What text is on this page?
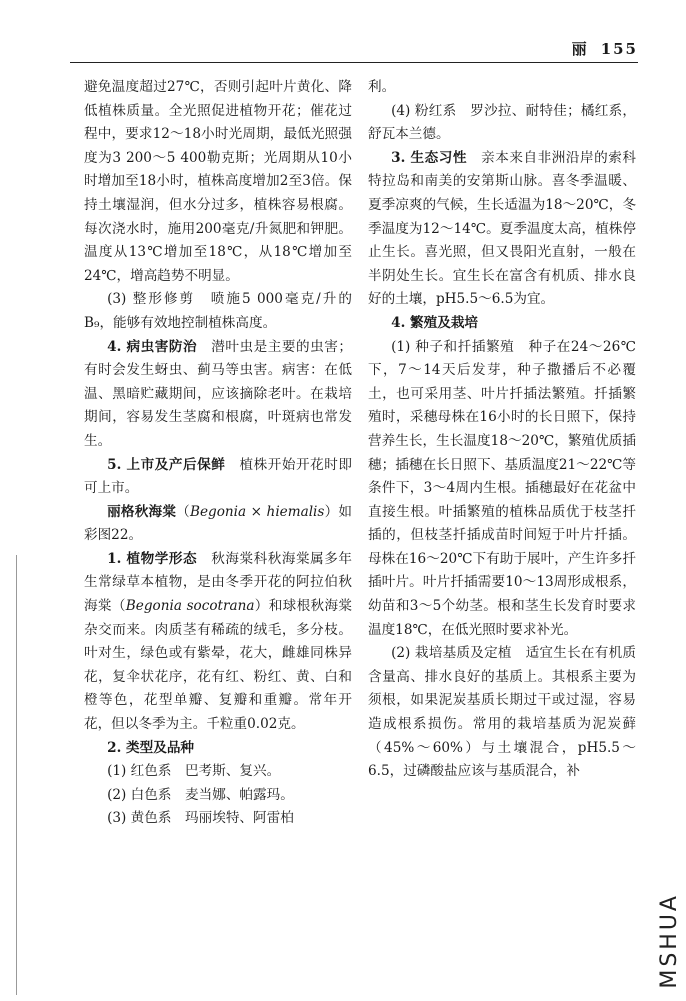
丽 155

避免温度超过27℃，否则引起叶片黄化、降低植株质量。全光照促进植物开花；催花过程中，要求12～18小时光周期，最低光照强度为3 200～5 400勒克斯；光周期从10小时增加至18小时，植株高度增加2至3倍。保持土壤湿润，但水分过多，植株容易根腐。每次浇水时，施用200毫克/升氮肥和钾肥。温度从13℃增加至18℃，从18℃增加至24℃，增高趋势不明显。

(3) 整形修剪　喷施5 000毫克/升的B₉，能够有效地控制植株高度。

4. 病虫害防治　潜叶虫是主要的虫害；有时会发生蚜虫、蓟马等虫害。病害：在低温、黑暗贮藏期间，应该摘除老叶。在栽培期间，容易发生茎腐和根腐，叶斑病也常发生。

5. 上市及产后保鲜　植株开始开花时即可上市。

丽格秋海棠（Begonia × hiemalis）如彩图22。

1. 植物学形态　秋海棠科秋海棠属多年生常绿草本植物，是由冬季开花的阿拉伯秋海棠（Begonia socotrana）和球根秋海棠杂交而来。肉质茎有稀疏的绒毛，多分枝。叶对生，绿色或有紫晕，花大，雌雄同株异花，复伞状花序，花有红、粉红、黄、白和橙等色，花型单瓣、复瓣和重瓣。常年开花，但以冬季为主。千粒重0.02克。

2. 类型及品种

(1) 红色系　巴考斯、复兴。

(2) 白色系　麦当娜、帕露玛。

(3) 黄色系　玛丽埃特、阿雷柏

利。

(4) 粉红系　罗沙拉、耐特佳；橘红系，舒瓦本兰德。

3. 生态习性　亲本来自非洲沿岸的索科特拉岛和南美的安第斯山脉。喜冬季温暖、夏季凉爽的气候，生长适温为18～20℃，冬季温度为12～14℃。夏季温度太高，植株停止生长。喜光照，但又畏阳光直射，一般在半阴处生长。宜生长在富含有机质、排水良好的土壤，pH5.5～6.5为宜。

4. 繁殖及栽培

(1) 种子和扦插繁殖　种子在24～26℃下，7～14天后发芽，种子撒播后不必覆土，也可采用茎、叶片扦插法繁殖。扦插繁殖时，采穗母株在16小时的长日照下，保持营养生长，生长温度18～20℃，繁殖优质插穗；插穗在长日照下、基质温度21～22℃等条件下，3～4周内生根。插穗最好在花盆中直接生根。叶插繁殖的植株品质优于枝茎扦插的，但枝茎扦插成苗时间短于叶片扦插。母株在16～20℃下有助于展叶，产生许多扦插叶片。叶片扦插需要10～13周形成根系，幼苗和3～5个幼茎。根和茎生长发育时要求温度18℃，在低光照时要求补光。

(2) 栽培基质及定植　适宜生长在有机质含量高、排水良好的基质上。其根系主要为须根，如果泥炭基质长期过干或过湿，容易造成根系损伤。常用的栽培基质为泥炭藓（45%～60%）与土壤混合，pH5.5～6.5，过磷酸盐应该与基质混合，补

MSHUA
